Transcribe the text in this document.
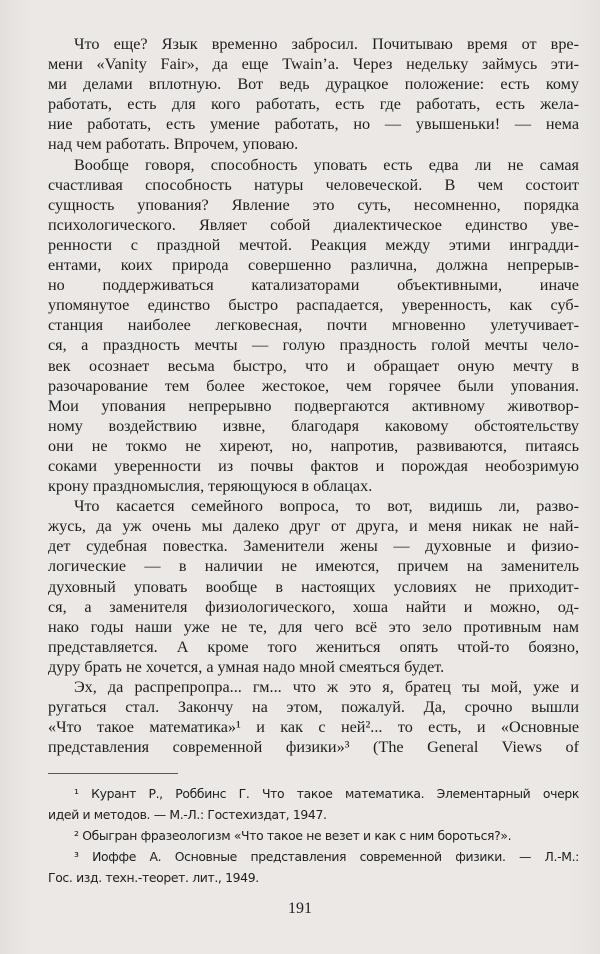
Что еще? Язык временно забросил. Почитываю время от вре-
мени «Vanity Fair», да еще Twain’a. Через недельку займусь эти-
ми делами вплотную. Вот ведь дурацкое положение: есть кому
работать, есть для кого работать, есть где работать, есть жела-
ние работать, есть умение работать, но — увышеньки! — нема
над чем работать. Впрочем, уповаю.
Вообще говоря, способность уповать есть едва ли не самая
счастливая способность натуры человеческой. В чем состоит
сущность упования? Явление это суть, несомненно, порядка
психологического. Являет собой диалектическое единство уве-
ренности с праздной мечтой. Реакция между этими инградди-
ентами, коих природа совершенно различна, должна непрерыв-
но поддерживаться катализаторами объективными, иначе
упомянутое единство быстро распадается, уверенность, как суб-
станция наиболее легковесная, почти мгновенно улетучивает-
ся, а праздность мечты — голую праздность голой мечты чело-
век осознает весьма быстро, что и обращает оную мечту в
разочарование тем более жестокое, чем горячее были упования.
Мои упования непрерывно подвергаются активному животвор-
ному воздействию извне, благодаря каковому обстоятельству
они не токмо не хиреют, но, напротив, развиваются, питаясь
соками уверенности из почвы фактов и порождая необозримую
крону праздномыслия, теряющуюся в облацах.
Что касается семейного вопроса, то вот, видишь ли, разво-
жусь, да уж очень мы далеко друг от друга, и меня никак не най-
дет судебная повестка. Заменители жены — духовные и физио-
логические — в наличии не имеются, причем на заменитель
духовный уповать вообще в настоящих условиях не приходит-
ся, а заменителя физиологического, хоша найти и можно, од-
нако годы наши уже не те, для чего всё это зело противным нам
представляется. А кроме того жениться опять чтой-то боязно,
дуру брать не хочется, а умная надо мной смеяться будет.
Эх, да распрепропра... гм... что ж это я, братец ты мой, уже и
ругаться стал. Закончу на этом, пожалуй. Да, срочно вышли
«Что такое математика»¹ и как с ней²... то есть, и «Основные
представления современной физики»³ (The General Views of
¹ Курант Р., Роббинс Г. Что такое математика. Элементарный очерк
идей и методов. — М.-Л.: Гостехиздат, 1947.
² Обыгран фразеологизм «Что такое не везет и как с ним бороться?».
³ Иоффе А. Основные представления современной физики. — Л.-М.:
Гос. изд. техн.-теорет. лит., 1949.
191
